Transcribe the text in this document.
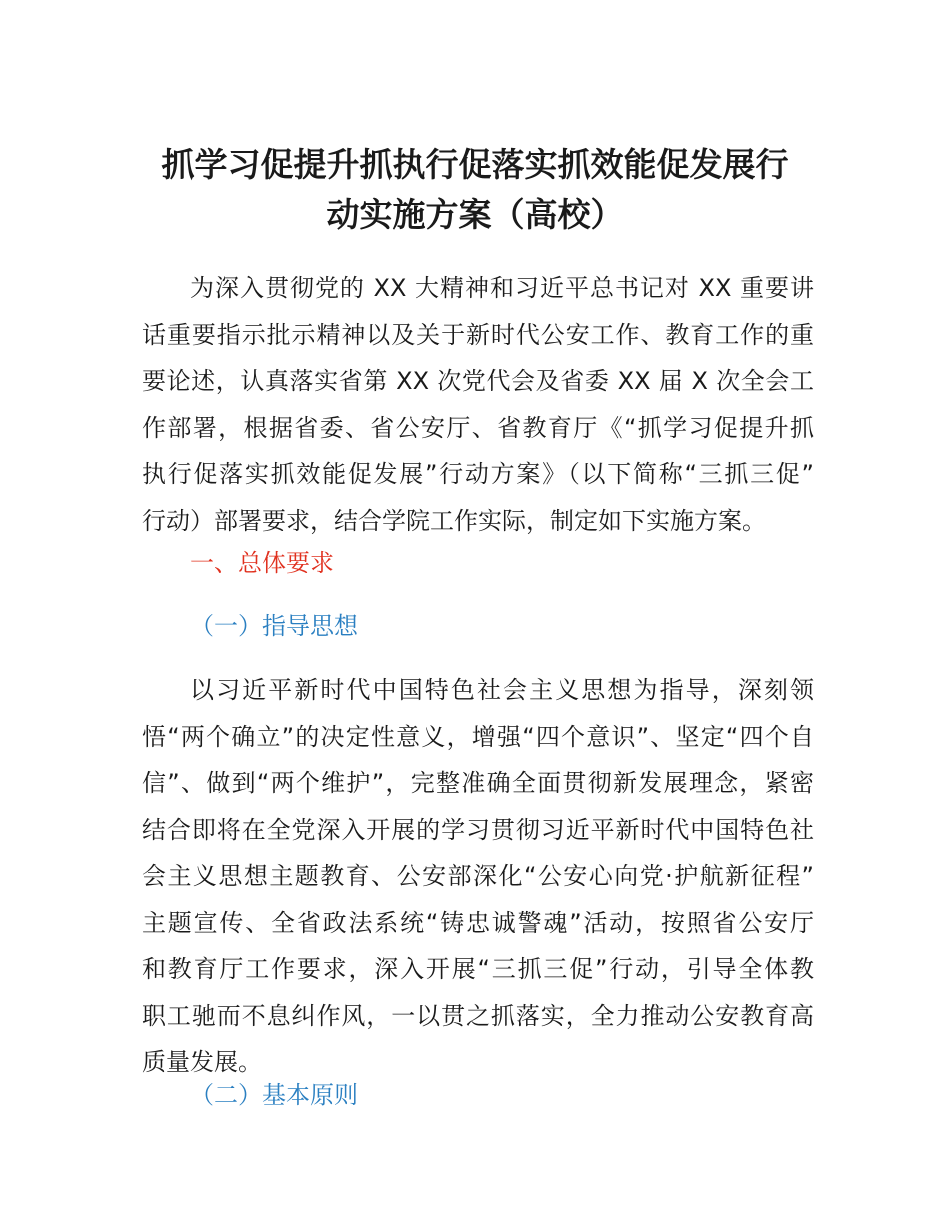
抓学习促提升抓执行促落实抓效能促发展行
动实施方案（高校）
为深入贯彻党的 XX 大精神和习近平总书记对 XX 重要讲
话重要指示批示精神以及关于新时代公安工作、教育工作的重
要论述，认真落实省第 XX 次党代会及省委 XX 届 X 次全会工
作部署，根据省委、省公安厅、省教育厅《“抓学习促提升抓
执行促落实抓效能促发展”行动方案》（以下简称“三抓三促”
行动）部署要求，结合学院工作实际，制定如下实施方案。
一、总体要求
（一）指导思想
以习近平新时代中国特色社会主义思想为指导，深刻领
悟“两个确立”的决定性意义，增强“四个意识”、坚定“四个自
信”、做到“两个维护”，完整准确全面贯彻新发展理念，紧密
结合即将在全党深入开展的学习贯彻习近平新时代中国特色社
会主义思想主题教育、公安部深化“公安心向党·护航新征程”
主题宣传、全省政法系统“铸忠诚警魂”活动，按照省公安厅
和教育厅工作要求，深入开展“三抓三促”行动，引导全体教
职工驰而不息纠作风，一以贯之抓落实，全力推动公安教育高
质量发展。
（二）基本原则
